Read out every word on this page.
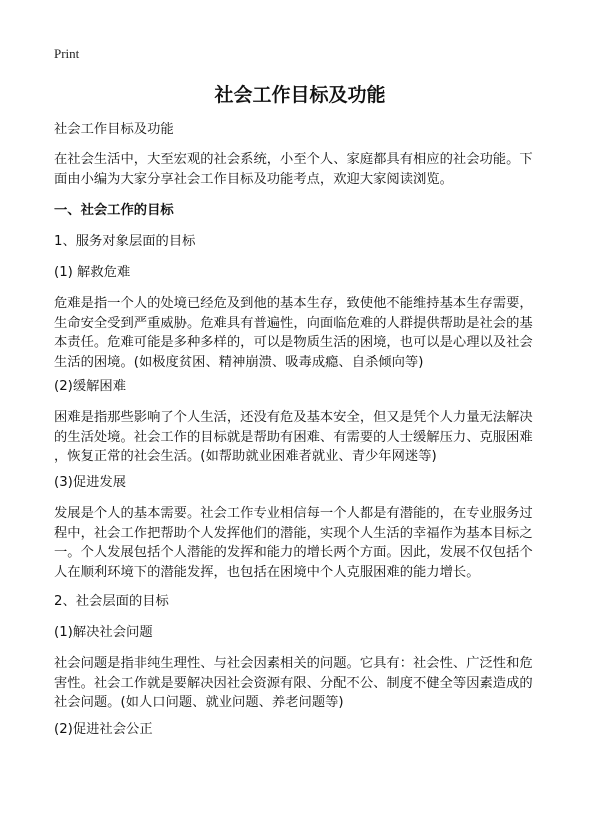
Print
社会工作目标及功能

社会工作目标及功能

在社会生活中，大至宏观的社会系统，小至个人、家庭都具有相应的社会功能。下
面由小编为大家分享社会工作目标及功能考点，欢迎大家阅读浏览。

一、社会工作的目标

1、服务对象层面的目标

(1) 解救危难

危难是指一个人的处境已经危及到他的基本生存，致使他不能维持基本生存需要，
生命安全受到严重威胁。危难具有普遍性，向面临危难的人群提供帮助是社会的基
本责任。危难可能是多种多样的，可以是物质生活的困境，也可以是心理以及社会
生活的困境。(如极度贫困、精神崩溃、吸毒成瘾、自杀倾向等)

(2)缓解困难

困难是指那些影响了个人生活，还没有危及基本安全，但又是凭个人力量无法解决
的生活处境。社会工作的目标就是帮助有困难、有需要的人士缓解压力、克服困难
，恢复正常的社会生活。(如帮助就业困难者就业、青少年网迷等)

(3)促进发展

发展是个人的基本需要。社会工作专业相信每一个人都是有潜能的，在专业服务过
程中，社会工作把帮助个人发挥他们的潜能，实现个人生活的幸福作为基本目标之
一。个人发展包括个人潜能的发挥和能力的增长两个方面。因此，发展不仅包括个
人在顺利环境下的潜能发挥，也包括在困境中个人克服困难的能力增长。

2、社会层面的目标

(1)解决社会问题

社会问题是指非纯生理性、与社会因素相关的问题。它具有：社会性、广泛性和危
害性。社会工作就是要解决因社会资源有限、分配不公、制度不健全等因素造成的
社会问题。(如人口问题、就业问题、养老问题等)

(2)促进社会公正
